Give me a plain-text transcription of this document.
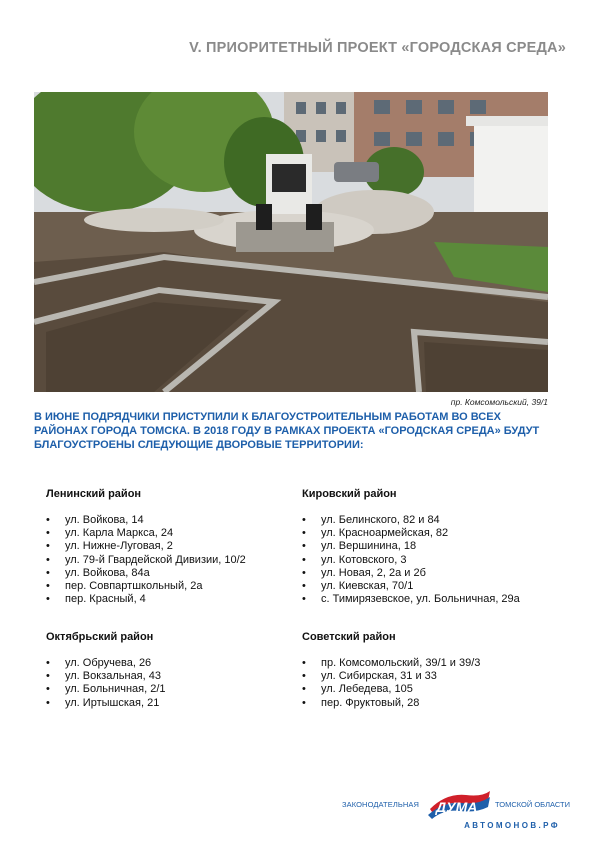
V. ПРИОРИТЕТНЫЙ ПРОЕКТ «ГОРОДСКАЯ СРЕДА»
пр. Комсомольский, 39/1
В ИЮНЕ ПОДРЯДЧИКИ ПРИСТУПИЛИ К БЛАГОУСТРОИТЕЛЬНЫМ РАБОТАМ ВО ВСЕХ
РАЙОНАХ ГОРОДА ТОМСКА. В 2018 ГОДУ В РАМКАХ ПРОЕКТА «ГОРОДСКАЯ СРЕДА» БУДУТ
БЛАГОУСТРОЕНЫ СЛЕДУЮЩИЕ ДВОРОВЫЕ ТЕРРИТОРИИ:
Ленинский район
• ул. Войкова, 14
• ул. Карла Маркса, 24
• ул. Нижне-Луговая, 2
• ул. 79-й Гвардейской Дивизии, 10/2
• ул. Войкова, 84а
• пер. Совпартшкольный, 2а
• пер. Красный, 4
Кировский район
• ул. Белинского, 82 и 84
• ул. Красноармейская, 82
• ул. Вершинина, 18
• ул. Котовского, 3
• ул. Новая, 2, 2а и 2б
• ул. Киевская, 70/1
• с. Тимирязевское, ул. Больничная, 29а
Октябрьский район
• ул. Обручева, 26
• ул. Вокзальная, 43
• ул. Больничная, 2/1
• ул. Иртышская, 21
Советский район
• пр. Комсомольский, 39/1 и 39/3
• ул. Сибирская, 31 и 33
• ул. Лебедева, 105
• пер. Фруктовый, 28
ЗАКОНОДАТЕЛЬНАЯ ДУМА ТОМСКОЙ ОБЛАСТИ
АВТОМОНОВ.РФ
